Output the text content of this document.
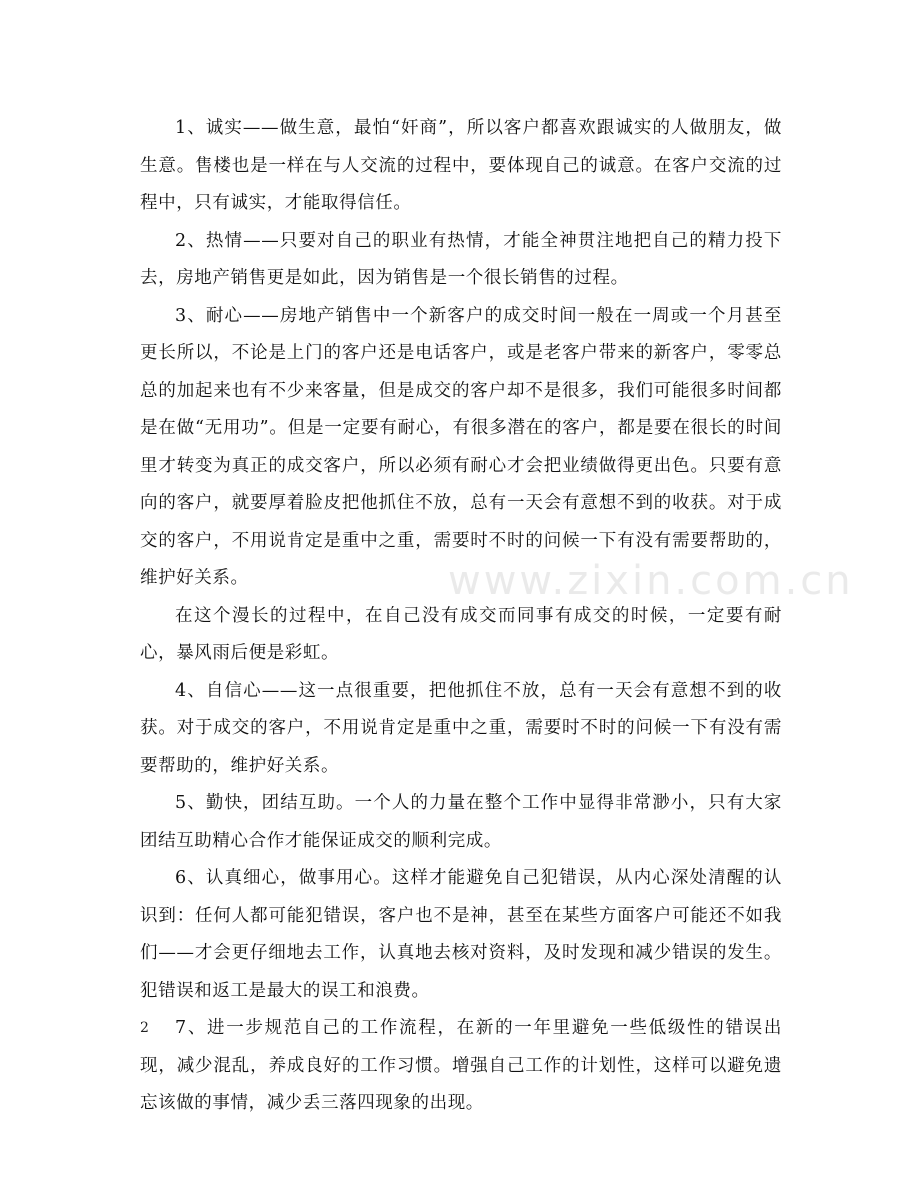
1、诚实——做生意，最怕“奸商”，所以客户都喜欢跟诚实的人做朋友，做生意。售楼也是一样在与人交流的过程中，要体现自己的诚意。在客户交流的过程中，只有诚实，才能取得信任。

2、热情——只要对自己的职业有热情，才能全神贯注地把自己的精力投下去，房地产销售更是如此，因为销售是一个很长销售的过程。

3、耐心——房地产销售中一个新客户的成交时间一般在一周或一个月甚至更长所以，不论是上门的客户还是电话客户，或是老客户带来的新客户，零零总总的加起来也有不少来客量，但是成交的客户却不是很多，我们可能很多时间都是在做“无用功”。但是一定要有耐心，有很多潜在的客户，都是要在很长的时间里才转变为真正的成交客户，所以必须有耐心才会把业绩做得更出色。只要有意向的客户，就要厚着脸皮把他抓住不放，总有一天会有意想不到的收获。对于成交的客户，不用说肯定是重中之重，需要时不时的问候一下有没有需要帮助的，维护好关系。

在这个漫长的过程中，在自己没有成交而同事有成交的时候，一定要有耐心，暴风雨后便是彩虹。

4、自信心——这一点很重要，把他抓住不放，总有一天会有意想不到的收获。对于成交的客户，不用说肯定是重中之重，需要时不时的问候一下有没有需要帮助的，维护好关系。

5、勤快，团结互助。一个人的力量在整个工作中显得非常渺小，只有大家团结互助精心合作才能保证成交的顺利完成。

6、认真细心，做事用心。这样才能避免自己犯错误，从内心深处清醒的认识到：任何人都可能犯错误，客户也不是神，甚至在某些方面客户可能还不如我们——才会更仔细地去工作，认真地去核对资料，及时发现和减少错误的发生。犯错误和返工是最大的误工和浪费。

7、进一步规范自己的工作流程，在新的一年里避免一些低级性的错误出现，减少混乱，养成良好的工作习惯。增强自己工作的计划性，这样可以避免遗忘该做的事情，减少丢三落四现象的出现。

www.zixin.com.cn
2
